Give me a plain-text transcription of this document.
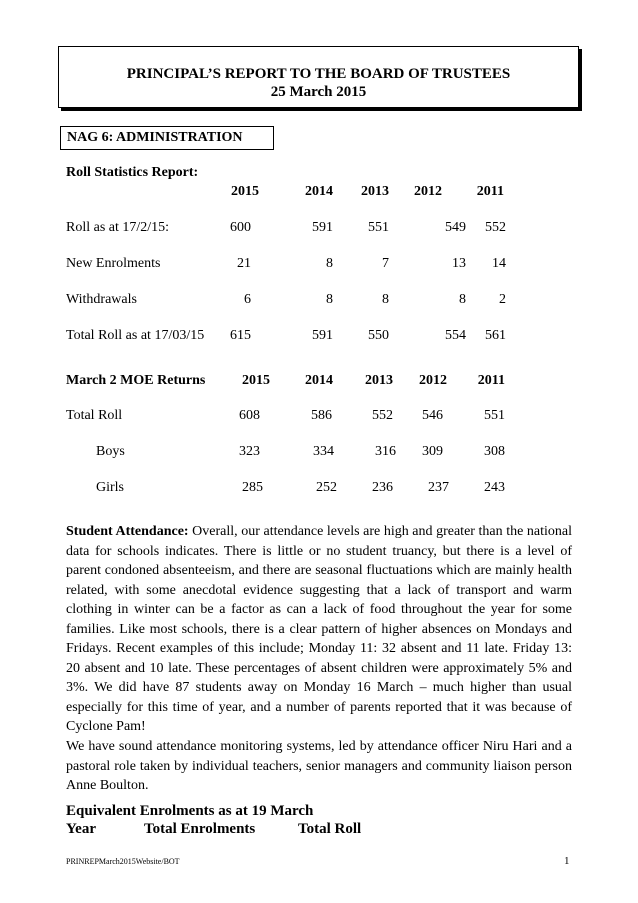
PRINCIPAL’S REPORT TO THE BOARD OF TRUSTEES
25 March 2015
NAG 6: ADMINISTRATION
Roll Statistics Report:
2015	2014	2013	2012	2011
Roll as at 17/2/15:	600	591	551	549	552
New Enrolments	21	8	7	13	14
Withdrawals	6	8	8	8	2
Total Roll as at 17/03/15	615	591	550	554	561
March 2 MOE Returns	2015	2014	2013	2012	2011
Total Roll	608	586	552	546	551
Boys	323	334	316	309	308
Girls	285	252	236	237	243
Student Attendance: Overall, our attendance levels are high and greater than the national data for schools indicates. There is little or no student truancy, but there is a level of parent condoned absenteeism, and there are seasonal fluctuations which are mainly health related, with some anecdotal evidence suggesting that a lack of transport and warm clothing in winter can be a factor as can a lack of food throughout the year for some families. Like most schools, there is a clear pattern of higher absences on Mondays and Fridays. Recent examples of this include; Monday 11: 32 absent and 11 late. Friday 13: 20 absent and 10 late. These percentages of absent children were approximately 5% and 3%. We did have 87 students away on Monday 16 March – much higher than usual especially for this time of year, and a number of parents reported that it was because of Cyclone Pam!
We have sound attendance monitoring systems, led by attendance officer Niru Hari and a pastoral role taken by individual teachers, senior managers and community liaison person Anne Boulton.
Equivalent Enrolments as at 19 March
Year	Total Enrolments	Total Roll
PRINREPMarch2015Website/BOT	1
